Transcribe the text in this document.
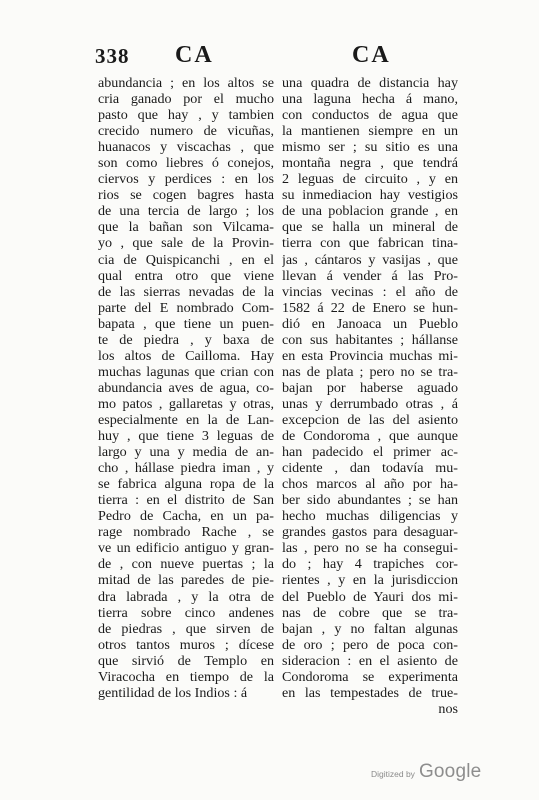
338 CA	CA
abundancia ; en los altos se
cria ganado por el mucho
pasto que hay , y tambien
crecido numero de vicuñas,
huanacos y viscachas , que
son como liebres ó conejos,
ciervos y perdices : en los
rios se cogen bagres hasta
de una tercia de largo ; los
que la bañan son Vilcama-
yo , que sale de la Provin-
cia de Quispicanchi , en el
qual entra otro que viene
de las sierras nevadas de la
parte del E nombrado Com-
bapata , que tiene un puen-
te de piedra , y baxa de
los altos de Cailloma. Hay
muchas lagunas que crian con
abundancia aves de agua, co-
mo patos , gallaretas y otras,
especialmente en la de Lan-
huy , que tiene 3 leguas de
largo y una y media de an-
cho , hállase piedra iman , y
se fabrica alguna ropa de la
tierra : en el distrito de San
Pedro de Cacha, en un pa-
rage nombrado Rache , se
ve un edificio antiguo y gran-
de , con nueve puertas ; la
mitad de las paredes de pie-
dra labrada , y la otra de
tierra sobre cinco andenes
de piedras , que sirven de
otros tantos muros ; dícese
que sirvió de Templo en
Viracocha en tiempo de la
gentilidad de los Indios : á
una quadra de distancia hay
una laguna hecha á mano,
con conductos de agua que
la mantienen siempre en un
mismo ser ; su sitio es una
montaña negra , que tendrá
2 leguas de circuito , y en
su inmediacion hay vestigios
de una poblacion grande , en
que se halla un mineral de
tierra con que fabrican tina-
jas , cántaros y vasijas , que
llevan á vender á las Pro-
vincias vecinas : el año de
1582 á 22 de Enero se hun-
dió en Janoaca un Pueblo
con sus habitantes ; hállanse
en esta Provincia muchas mi-
nas de plata ; pero no se tra-
bajan por haberse aguado
unas y derrumbado otras , á
excepcion de las del asiento
de Condoroma , que aunque
han padecido el primer ac-
cidente , dan todavía mu-
chos marcos al año por ha-
ber sido abundantes ; se han
hecho muchas diligencias y
grandes gastos para desaguar-
las , pero no se ha consegui-
do ; hay 4 trapiches cor-
rientes , y en la jurisdiccion
del Pueblo de Yauri dos mi-
nas de cobre que se tra-
bajan , y no faltan algunas
de oro ; pero de poca con-
sideracion : en el asiento de
Condoroma se experimenta
en las tempestades de true-
nos
Digitized by Google
